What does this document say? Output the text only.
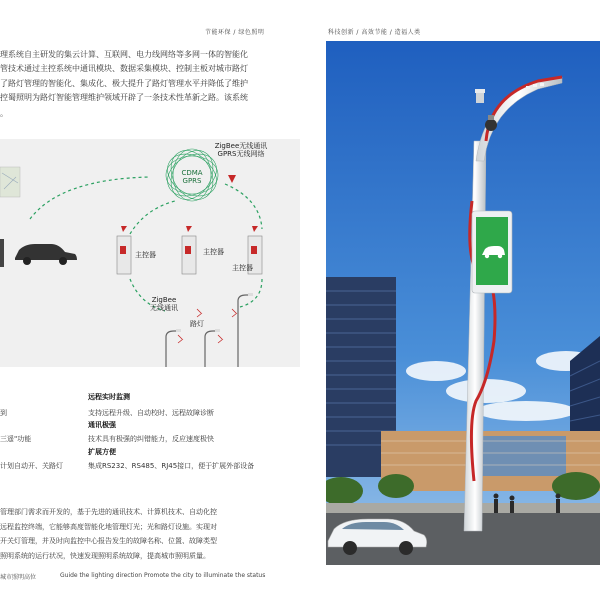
节能环保 / 绿色照明	科技创新 / 高效节能 / 造福人类

理系统自主研发的集云计算、互联网、电力线网络等多网一体的智能化

管技术通过主控系统中通讯模块、数据采集模块、控制主板对城市路灯

了路灯管理的智能化、集成化、极大提升了路灯管理水平并降低了维护

控蜀照明为路灯智能管理维护领域开辟了一条技术性革新之路。该系统

。
CDMA
GPRS
ZigBee无线通讯
GPRS无线网络
主控器	主控器
主控器
ZigBee
无线通讯
路灯
远程实时监测
到	支持远程升级、自动校时、远程故障诊断
通讯极强
三遥"功能	技术具有极强的纠错能力，反应速度极快
扩展方便
计划自动开、关路灯	集成RS232、RS485、RJ45接口，便于扩展外部设备

管理部门需求而开发的，基于先进的通讯技术、计算机技术、自动化控

远程监控终端，它能够高度智能化地管理灯光；光和路灯设施。实现对

开关灯管理，并及时向监控中心报告发生的故障名称、位置、故障类型

照明系统的运行状况，快速发现照明系统故障，提高城市照明质量。

城市照明高位	Guide the lighting direction Promote the city to illuminate the status
